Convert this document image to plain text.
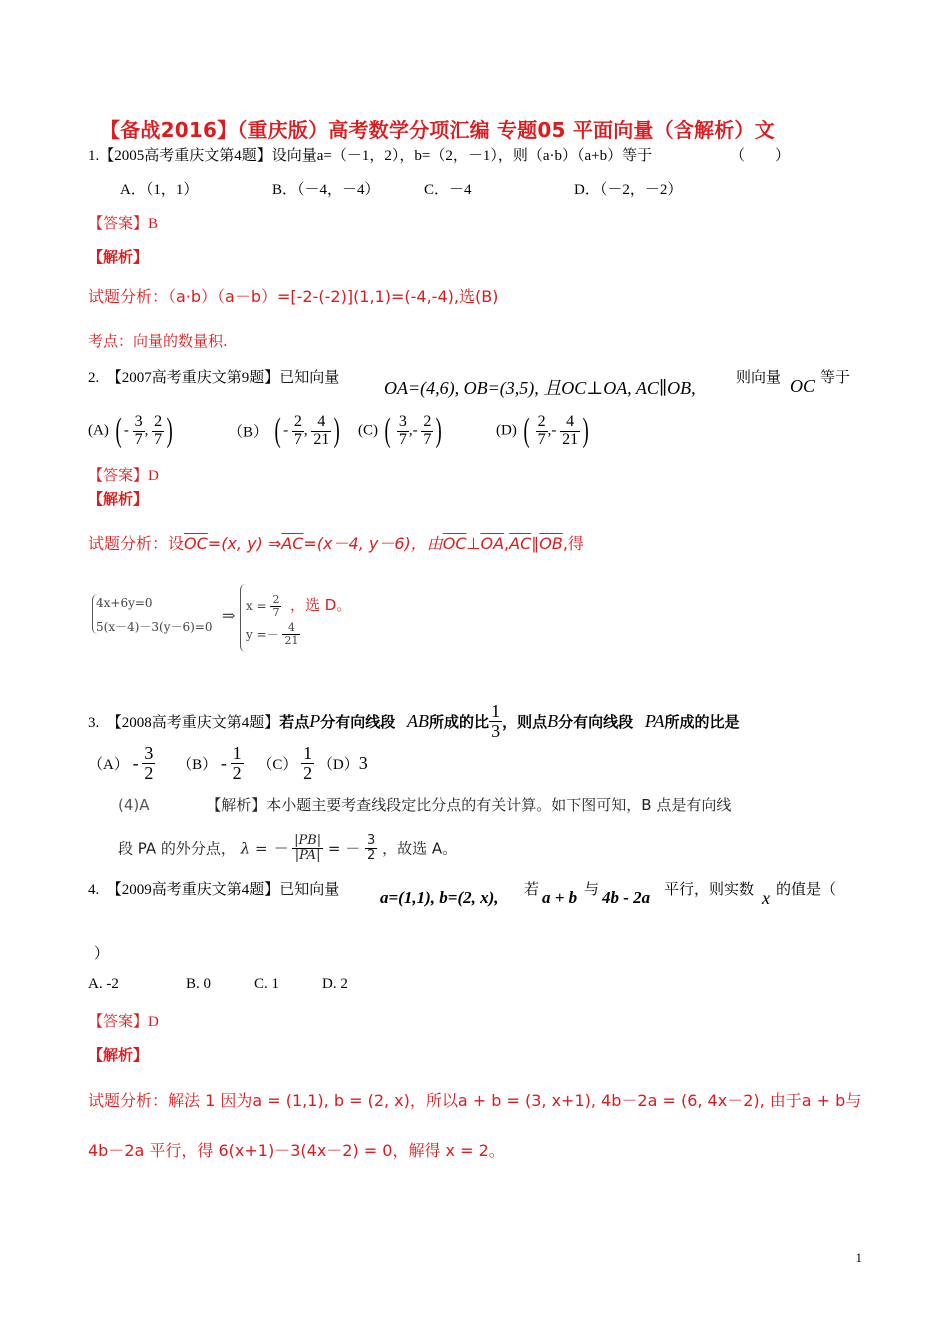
【备战2016】（重庆版）高考数学分项汇编 专题05 平面向量（含解析）文
1.【2005高考重庆文第4题】设向量a=（－1，2），b=（2，－1），则（a·b）（a+b）等于	（　　）
A．（1，1）	B．（－4，－4）	C．－4	D．（－2，－2）
【答案】B
【解析】
试题分析：（a·b）（a－b）=[-2-(-2)](1,1)=(-4,-4),选(B)
考点：向量的数量积.
2.　【2007高考重庆文第9题】已知向量 OA=(4,6), OB=(3,5), 且OC⊥OA, AC∥OB,	则向量 OC 等于
(A) ( - $\frac{3}{7}$ , $\frac{2}{7}$ )	（B） ( - $\frac{2}{7}$ , $\frac{4}{21}$ ) (C) ( $\frac{3}{7}$ ,- $\frac{2}{7}$ )	(D) ( $\frac{2}{7}$ ,- $\frac{4}{21}$ )
【答案】D
【解析】
试题分析：设$\overline{OC}=(x$, y) $\Rightarrow\overline{AC}=(x-4$, y－6)，由$\overline{OC}\perp\overline{OA},\overline{AC}\parallel\overline{OB}$,得
4x+6y=0
5(x－4)－3(y－6)=0
⇒ $x = \frac{2}{7}$
$y =- \frac{4}{21}$
，选 D。
3.　【2008高考重庆文第4题】若点P分有向线段 AB所成的比 $\frac{1}{3}$ ，则点B分有向线段 PA所成的比是
$(A) - \frac{3}{2} (B) - \frac{1}{2} (C) \frac{1}{2} (D)3$
(4)A	【解析】本小题主要考查线段定比分点的有关计算。如下图可知，B 点是有向线
段 PA 的外分点， λ = － $\frac{|PB|}{|PA|}$ = － $\frac{3}{2}$ ，故选 A。
4.　【2009高考重庆文第4题】已知向量 a=(1,1), b=(2, x), 若 a + b 与 4b - 2a 平行，则实数 x 的值是（
）
A. -2	B. 0	C. 1	D. 2
【答案】D
【解析】
试题分析：解法 1 因为a = (1,1), b = (2, x)，所以a + b = (3, x+1), 4b－2a = (6, 4x－2), 由于a + b与
4b－2a 平行，得 6(x+1)－3(4x－2) = 0，解得 x = 2。
1
